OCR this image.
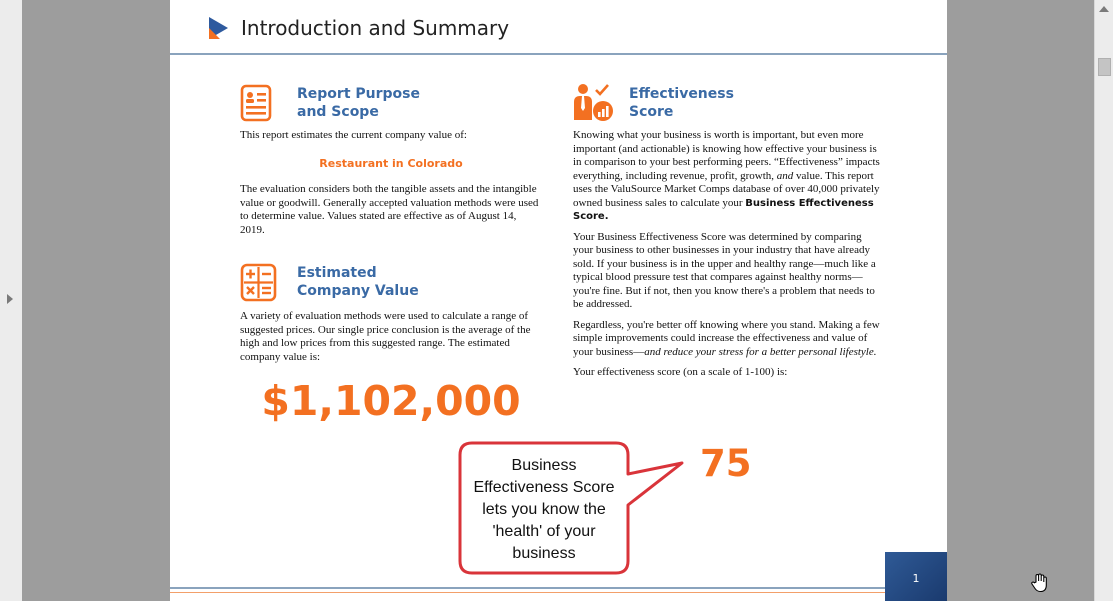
Introduction and Summary
Report Purpose
and Scope
This report estimates the current company value of:
Restaurant in Colorado
The evaluation considers both the tangible assets and the intangible value or goodwill. Generally accepted valuation methods were used to determine value. Values stated are effective as of August 14, 2019.
Estimated
Company Value
A variety of evaluation methods were used to calculate a range of suggested prices. Our single price conclusion is the average of the high and low prices from this suggested range. The estimated company value is:
$1,102,000
Effectiveness
Score

Knowing what your business is worth is important, but even more important (and actionable) is knowing how effective your business is in comparison to your best performing peers. “Effectiveness” impacts everything, including revenue, profit, growth, and value. This report uses the ValuSource Market Comps database of over 40,000 privately owned business sales to calculate your Business Effectiveness Score.

Your Business Effectiveness Score was determined by comparing your business to other businesses in your industry that have already sold. If your business is in the upper and healthy range—much like a typical blood pressure test that compares against healthy norms—you're fine. But if not, then you know there's a problem that needs to be addressed.

Regardless, you're better off knowing where you stand. Making a few simple improvements could increase the effectiveness and value of your business—and reduce your stress for a better personal lifestyle.

Your effectiveness score (on a scale of 1-100) is:

75
1
Business Effectiveness Score lets you know the 'health' of your business
